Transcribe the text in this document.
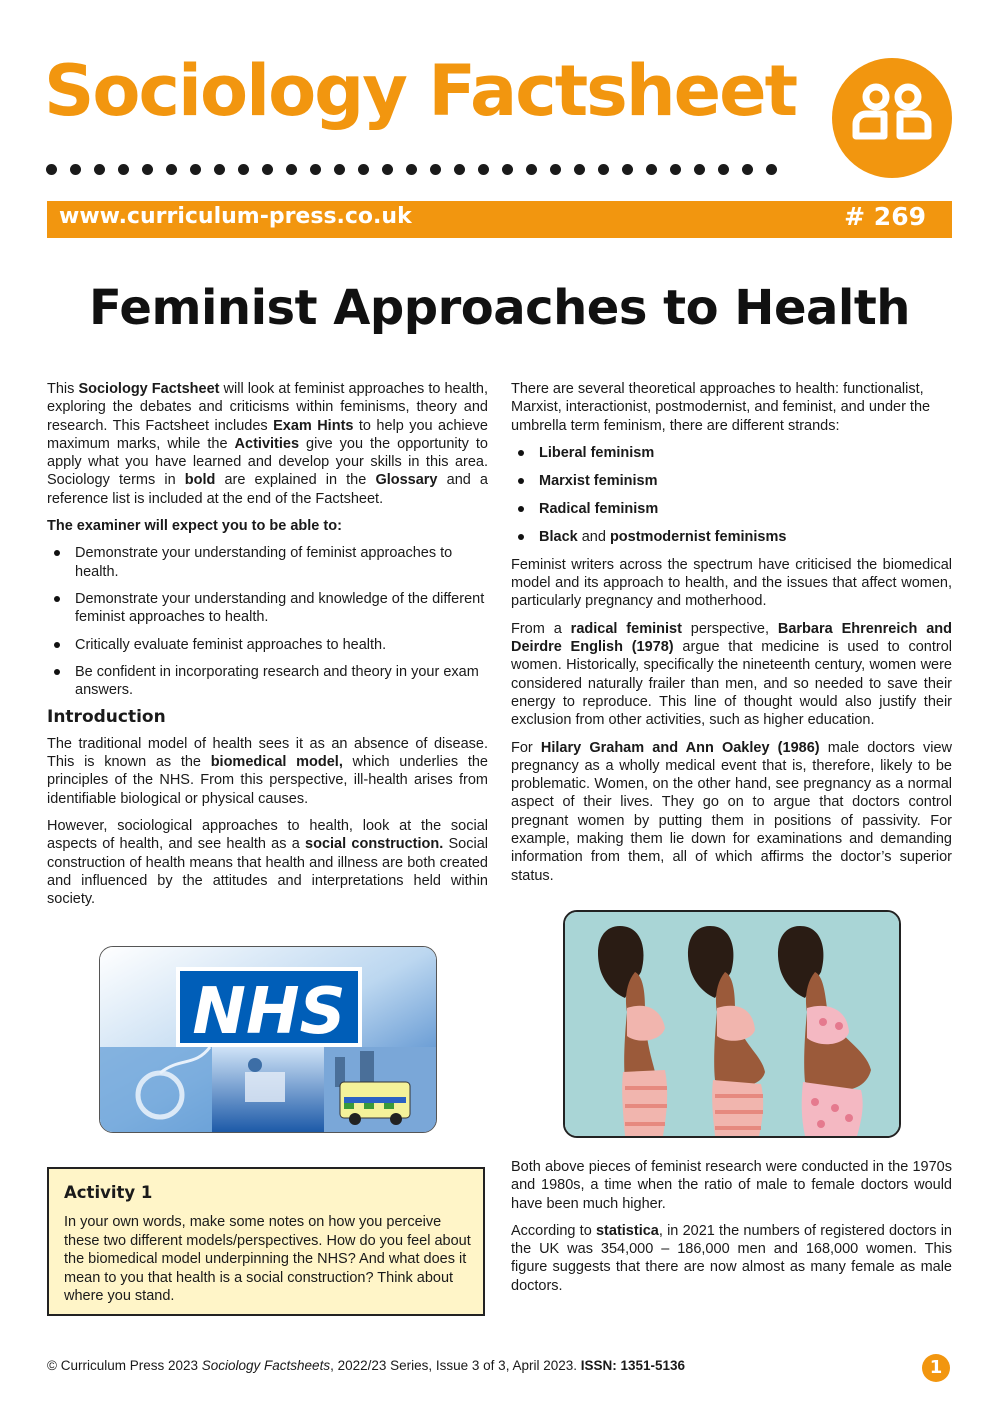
Sociology Factsheet
www.curriculum-press.co.uk	# 269
Feminist Approaches to Health

This Sociology Factsheet will look at feminist approaches to health, exploring the debates and criticisms within feminisms, theory and research. This Factsheet includes Exam Hints to help you achieve maximum marks, while the Activities give you the opportunity to apply what you have learned and develop your skills in this area. Sociology terms in bold are explained in the Glossary and a reference list is included at the end of the Factsheet.

The examiner will expect you to be able to:

Demonstrate your understanding of feminist approaches to health.
Demonstrate your understanding and knowledge of the different feminist approaches to health.
Critically evaluate feminist approaches to health.
Be confident in incorporating research and theory in your exam answers.
Introduction

The traditional model of health sees it as an absence of disease. This is known as the biomedical model, which underlies the principles of the NHS. From this perspective, ill-health arises from identifiable biological or physical causes.

However, sociological approaches to health, look at the social aspects of health, and see health as a social construction. Social construction of health means that health and illness are both created and influenced by the attitudes and interpretations held within society.

NHS
Activity 1

In your own words, make some notes on how you perceive these two different models/perspectives. How do you feel about the biomedical model underpinning the NHS? And what does it mean to you that health is a social construction? Think about where you stand.

There are several theoretical approaches to health: functionalist, Marxist, interactionist, postmodernist, and feminist, and under the umbrella term feminism, there are different strands:

Liberal feminism
Marxist feminism
Radical feminism
Black and postmodernist feminisms

Feminist writers across the spectrum have criticised the biomedical model and its approach to health, and the issues that affect women, particularly pregnancy and motherhood.

From a radical feminist perspective, Barbara Ehrenreich and Deirdre English (1978) argue that medicine is used to control women. Historically, specifically the nineteenth century, women were considered naturally frailer than men, and so needed to save their energy to reproduce. This line of thought would also justify their exclusion from other activities, such as higher education.

For Hilary Graham and Ann Oakley (1986) male doctors view pregnancy as a wholly medical event that is, therefore, likely to be problematic. Women, on the other hand, see pregnancy as a normal aspect of their lives. They go on to argue that doctors control pregnant women by putting them in positions of passivity. For example, making them lie down for examinations and demanding information from them, all of which affirms the doctor’s superior status.

Both above pieces of feminist research were conducted in the 1970s and 1980s, a time when the ratio of male to female doctors would have been much higher.

According to statistica, in 2021 the numbers of registered doctors in the UK was 354,000 – 186,000 men and 168,000 women. This figure suggests that there are now almost as many female as male doctors.

© Curriculum Press 2023 Sociology Factsheets, 2022/23 Series, Issue 3 of 3, April 2023. ISSN: 1351-5136	1
